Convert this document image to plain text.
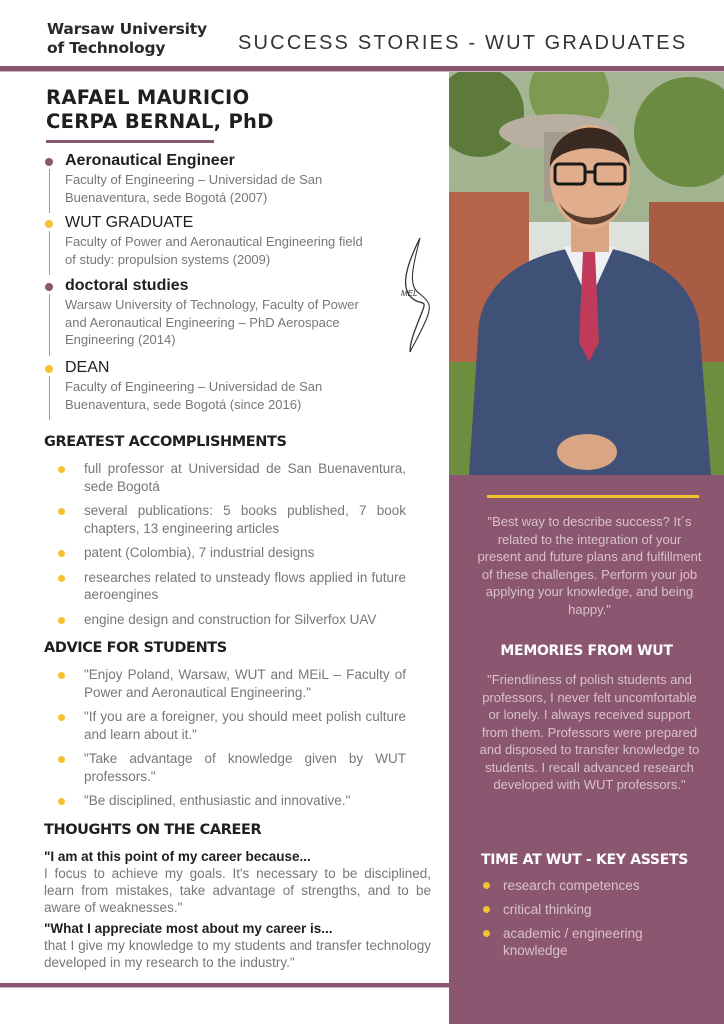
Warsaw University
of Technology	SUCCESS STORIES - WUT GRADUATES
RAFAEL MAURICIO
CERPA BERNAL, PhD
Aeronautical Engineer
Faculty of Engineering – Universidad de San Buenaventura, sede Bogotá (2007)
WUT GRADUATE
Faculty of Power and Aeronautical Engineering field of study: propulsion systems (2009)
doctoral studies
Warsaw University of Technology, Faculty of Power and Aeronautical Engineering – PhD Aerospace Engineering (2014)
DEAN
Faculty of Engineering – Universidad de San Buenaventura, sede Bogotá (since 2016)
MEL
GREATEST ACCOMPLISHMENTS
full professor at Universidad de San Buenaventura, sede Bogotá
several publications: 5 books published, 7 book chapters, 13 engineering articles
patent (Colombia), 7 industrial designs
researches related to unsteady flows applied in future aeroengines
engine design and construction for Silverfox UAV
ADVICE FOR STUDENTS
"Enjoy Poland, Warsaw, WUT and MEiL – Faculty of Power and Aeronautical Engineering."
"If you are a foreigner, you should meet polish culture and learn about it."
"Take advantage of knowledge given by WUT professors."
"Be disciplined, enthusiastic and innovative."
THOUGHTS ON THE CAREER
"I am at this point of my career because...
I focus to achieve my goals. It's necessary to be disciplined, learn from mistakes, take advantage of strengths, and to be aware of weaknesses."
"What I appreciate most about my career is...
that I give my knowledge to my students and transfer technology developed in my research to the industry."
"Best way to describe success? It´s related to the integration of your present and future plans and fulfillment of these challenges. Perform your job applying your knowledge, and being happy."
MEMORIES FROM WUT
"Friendliness of polish students and professors, I never felt uncomfortable or lonely. I always received support from them. Professors were prepared and disposed to transfer knowledge to students. I recall advanced research developed with WUT professors."
TIME AT WUT - KEY ASSETS
research competences
critical thinking
academic / engineering knowledge
